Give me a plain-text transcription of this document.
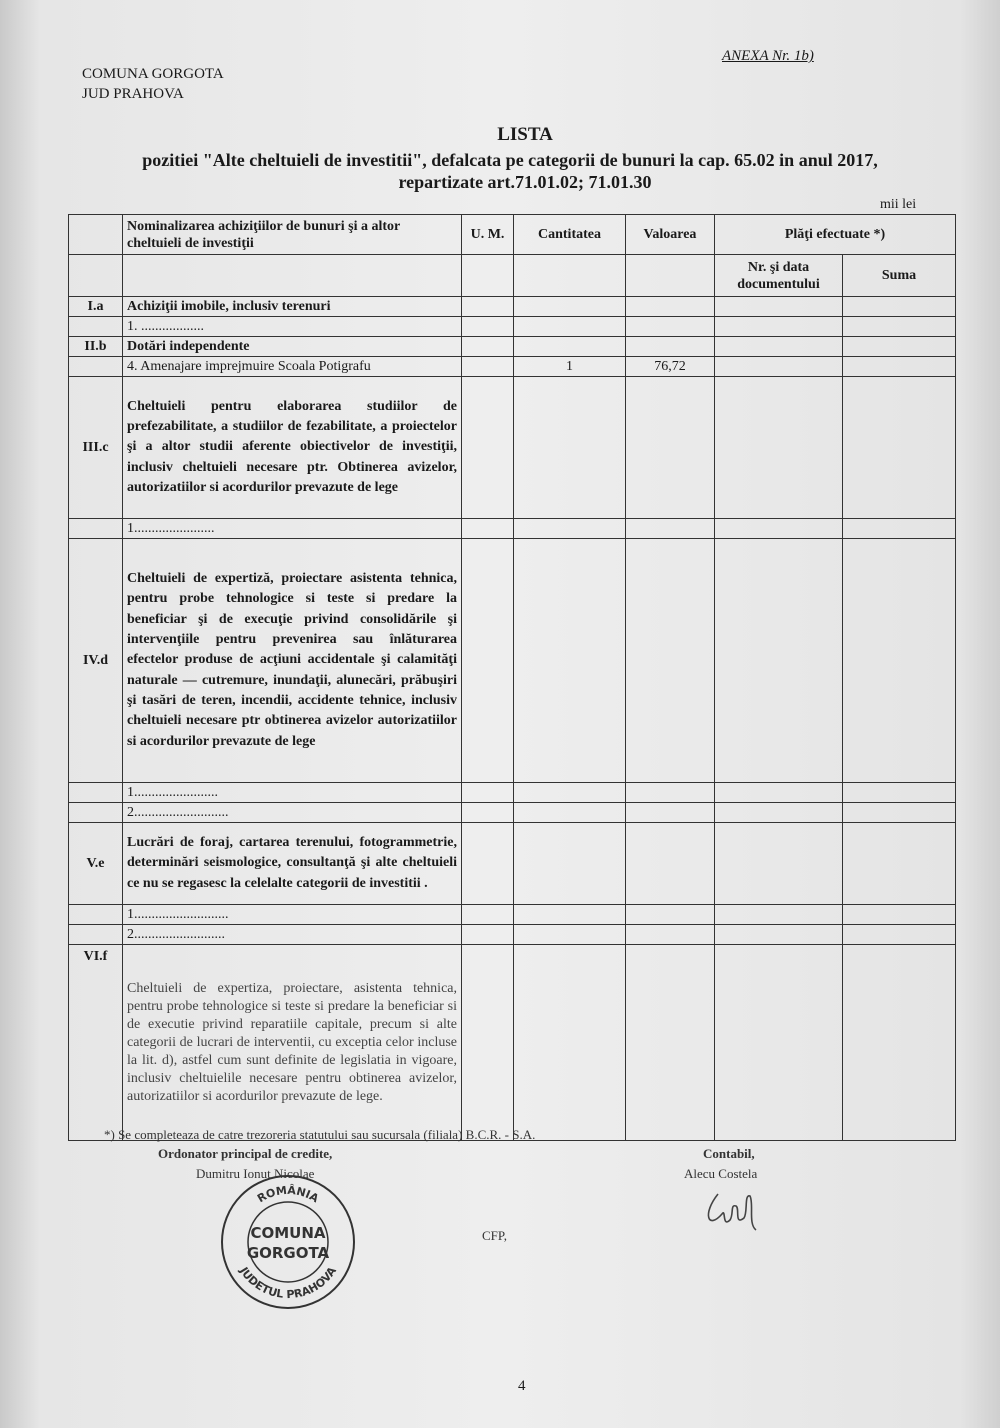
ANEXA Nr. 1b)
COMUNA GORGOTA
JUD PRAHOVA
LISTA
pozitiei "Alte cheltuieli de investitii", defalcata pe categorii de bunuri la cap. 65.02 in anul 2017,
repartizate art.71.01.02; 71.01.30
mii lei
	Nominalizarea achiziţiilor de bunuri şi a altor cheltuieli de investiţii	U. M.	Cantitatea	Valoarea	Plăţi efectuate *)	
					Nr. şi data documentului	Suma
I.a	Achiziţii imobile, inclusiv terenuri					
	1. ..................					
II.b	Dotări independente					
	4. Amenajare imprejmuire Scoala Potigrafu		1	76,72		
III.c	Cheltuieli pentru elaborarea studiilor de prefezabilitate, a studiilor de fezabilitate, a proiectelor şi a altor studii aferente obiectivelor de investiţii, inclusiv cheltuieli necesare ptr. Obtinerea avizelor, autorizatiilor si acordurilor prevazute de lege					
	1.......................					
IV.d	Cheltuieli de expertiză, proiectare asistenta tehnica, pentru probe tehnologice si teste si predare la beneficiar şi de execuţie privind consolidările şi intervenţiile pentru prevenirea sau înlăturarea efectelor produse de acţiuni accidentale şi calamităţi naturale — cutremure, inundaţii, alunecări, prăbuşiri şi tasări de teren, incendii, accidente tehnice, inclusiv cheltuieli necesare ptr obtinerea avizelor autorizatiilor si acordurilor prevazute de lege					
	1........................					
	2...........................					
V.e	Lucrări de foraj, cartarea terenului, fotogrammetrie, determinări seismologice, consultanţă şi alte cheltuieli ce nu se regasesc la celelalte categorii de investitii .					
	1...........................					
	2..........................					
VI.f	Cheltuieli de expertiza, proiectare, asistenta tehnica, pentru probe tehnologice si teste si predare la beneficiar si de executie privind reparatiile capitale, precum si alte categorii de lucrari de interventii, cu exceptia celor incluse la lit. d), astfel cum sunt definite de legislatia in vigoare, inclusiv cheltuielile necesare pentru obtinerea avizelor, autorizatiilor si acordurilor prevazute de lege.					
*) Se completeaza de catre trezoreria statutului sau sucursala (filiala) B.C.R. - S.A.
Ordonator principal de credite,
Dumitru Ionut Nicolae
Contabil,
Alecu Costela
CFP,
ROMÂNIA
JUDETUL PRAHOVA
COMUNA
GORGOTA
4
